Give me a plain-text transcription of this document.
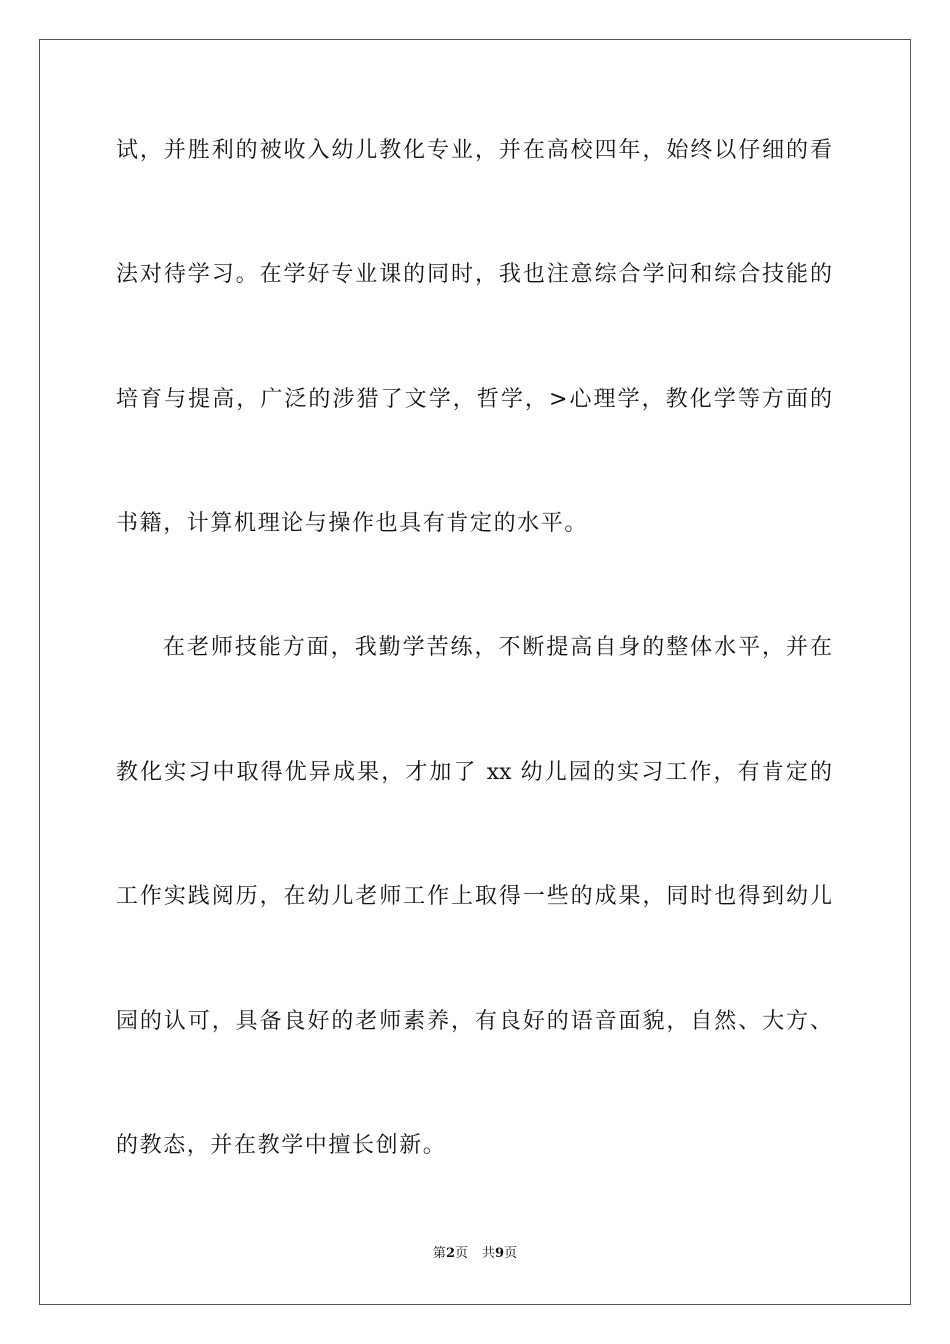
试，并胜利的被收入幼儿教化专业，并在高校四年，始终以仔细的看
法对待学习。在学好专业课的同时，我也注意综合学问和综合技能的
培育与提高，广泛的涉猎了文学，哲学，>心理学，教化学等方面的
书籍，计算机理论与操作也具有肯定的水平。
在老师技能方面，我勤学苦练，不断提高自身的整体水平，并在
教化实习中取得优异成果，才加了 xx 幼儿园的实习工作，有肯定的
工作实践阅历，在幼儿老师工作上取得一些的成果，同时也得到幼儿
园的认可，具备良好的老师素养，有良好的语音面貌，自然、大方、
的教态，并在教学中擅长创新。
第2页 共9页
